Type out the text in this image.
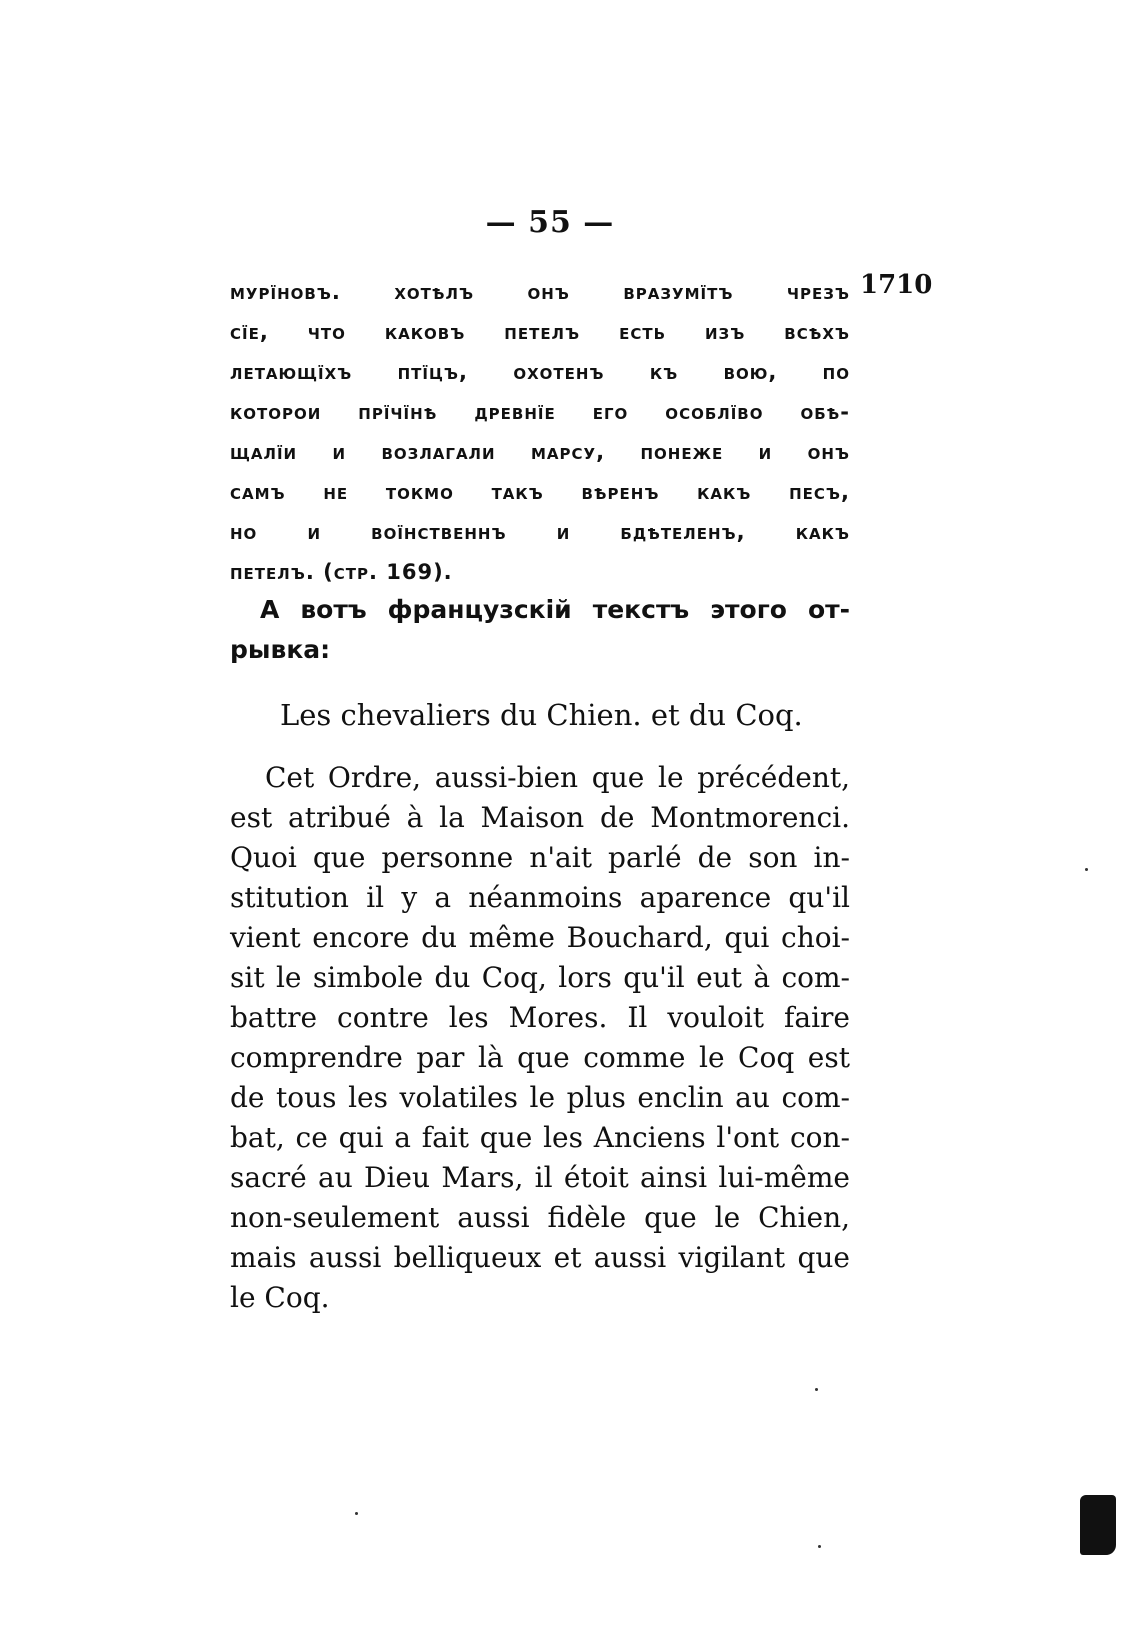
— 55 —
1710
мурїновъ. хотѣлъ онъ вразумїтъ чрезъ
сїе, что каковъ петелъ есть изъ всѣхъ
летающїхъ птїцъ, охотенъ къ вою, по
которои прїчїнѣ древнїе его особлїво обѣ-
щалїи и возлагали марсу, понеже и онъ
самъ не токмо такъ вѣренъ какъ песъ,
но и воїнственнъ и бдѣтеленъ, какъ
петелъ. (стр. 169).
А вотъ французскій текстъ этого от-
рывка:
Les chevaliers du Chien. et du Coq.
Cet Ordre, aussi-bien que le précédent,
est atribué à la Maison de Montmorenci.
Quoi que personne n'ait parlé de son in-
stitution il y a néanmoins aparence qu'il
vient encore du même Bouchard, qui choi-
sit le simbole du Coq, lors qu'il eut à com-
battre contre les Mores. Il vouloit faire
comprendre par là que comme le Coq est
de tous les volatiles le plus enclin au com-
bat, ce qui a fait que les Anciens l'ont con-
sacré au Dieu Mars, il étoit ainsi lui-même
non-seulement aussi fidèle que le Chien,
mais aussi belliqueux et aussi vigilant que
le Coq.
